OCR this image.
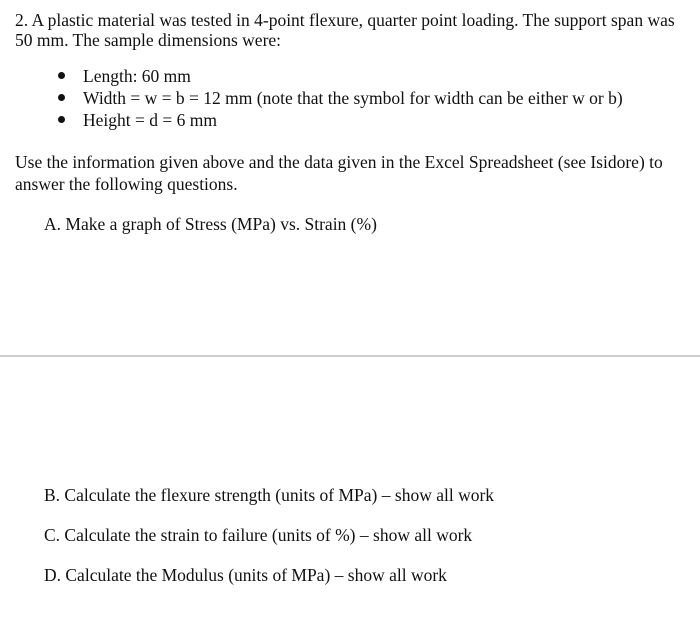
2. A plastic material was tested in 4-point flexure, quarter point loading. The support span was
50 mm. The sample dimensions were:
Length: 60 mm
Width = w = b = 12 mm (note that the symbol for width can be either w or b)
Height = d = 6 mm
Use the information given above and the data given in the Excel Spreadsheet (see Isidore) to
answer the following questions.
A. Make a graph of Stress (MPa) vs. Strain (%)
B. Calculate the flexure strength (units of MPa) – show all work
C. Calculate the strain to failure (units of %) – show all work
D. Calculate the Modulus (units of MPa) – show all work
